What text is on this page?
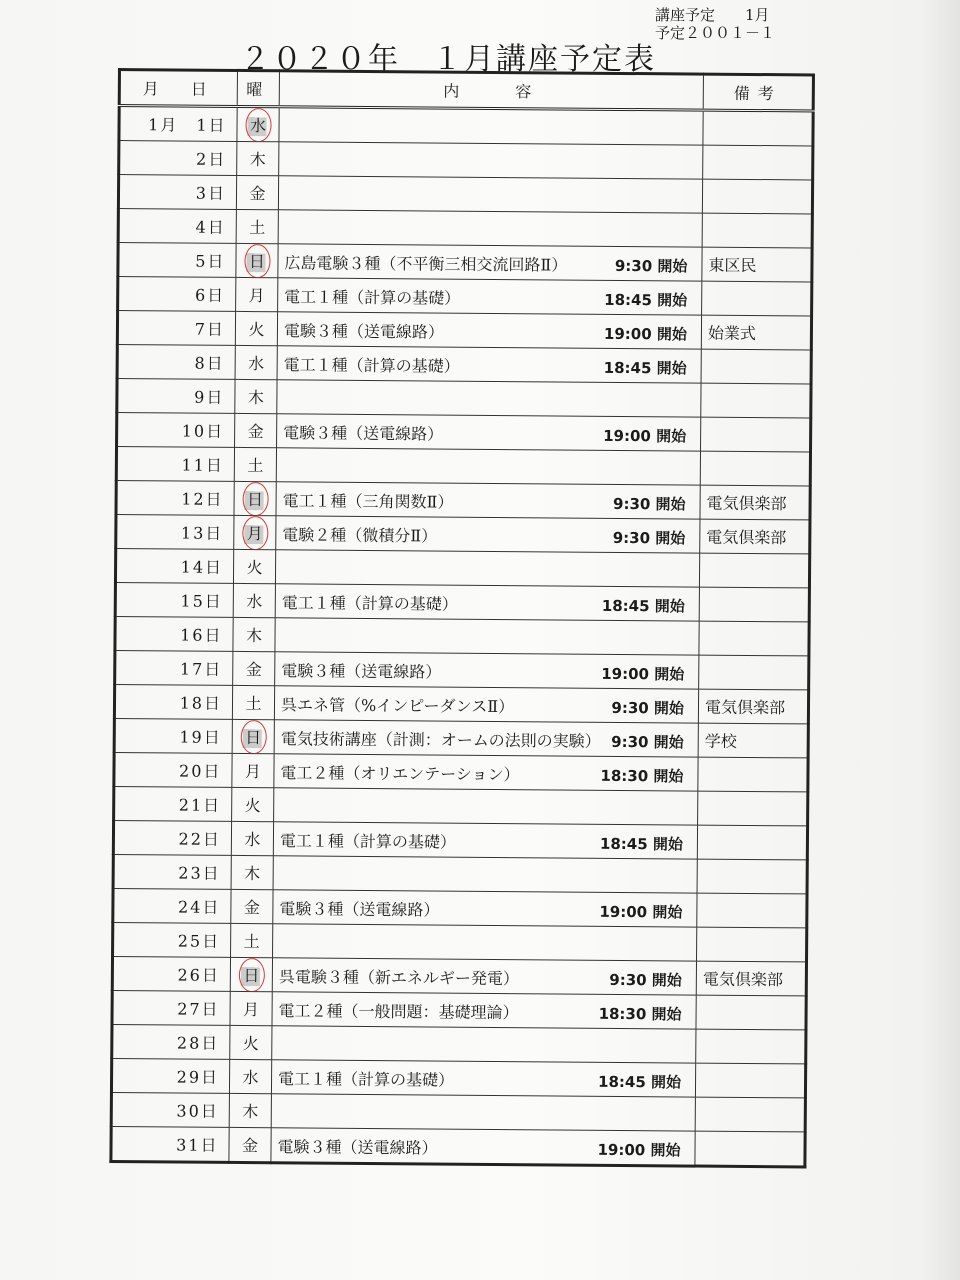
講座予定　　1月
予定２００１－１
２０２０年　１月講座予定表
月　日	曜	内　　容	備考
1月　1日	水

2日	木	

3日	金	

4日	土	

5日	日	広島電験３種（不平衡三相交流回路Ⅱ） 9:30 開始	東区民
6日	月	電工１種（計算の基礎） 18:45 開始	

7日	火	電験３種（送電線路） 19:00 開始	始業式
8日	水	電工１種（計算の基礎） 18:45 開始	

9日	木	

10日	金	電験３種（送電線路） 19:00 開始	

11日	土	

12日	日	電工１種（三角関数Ⅱ） 9:30 開始	電気倶楽部
13日	月	電験２種（微積分Ⅱ） 9:30 開始	電気倶楽部
14日	火	

15日	水	電工１種（計算の基礎） 18:45 開始	

16日	木	

17日	金	電験３種（送電線路） 19:00 開始	

18日	土	呉エネ管（%インピーダンスⅡ） 9:30 開始	電気倶楽部
19日	日	電気技術講座（計測：オームの法則の実験） 9:30 開始	学校
20日	月	電工２種（オリエンテーション） 18:30 開始	

21日	火	

22日	水	電工１種（計算の基礎） 18:45 開始	

23日	木	

24日	金	電験３種（送電線路） 19:00 開始	

25日	土	

26日	日	呉電験３種（新エネルギー発電） 9:30 開始	電気倶楽部
27日	月	電工２種（一般問題：基礎理論） 18:30 開始	

28日	火	

29日	水	電工１種（計算の基礎） 18:45 開始	

30日	木	

31日	金	電験３種（送電線路） 19:00 開始	
